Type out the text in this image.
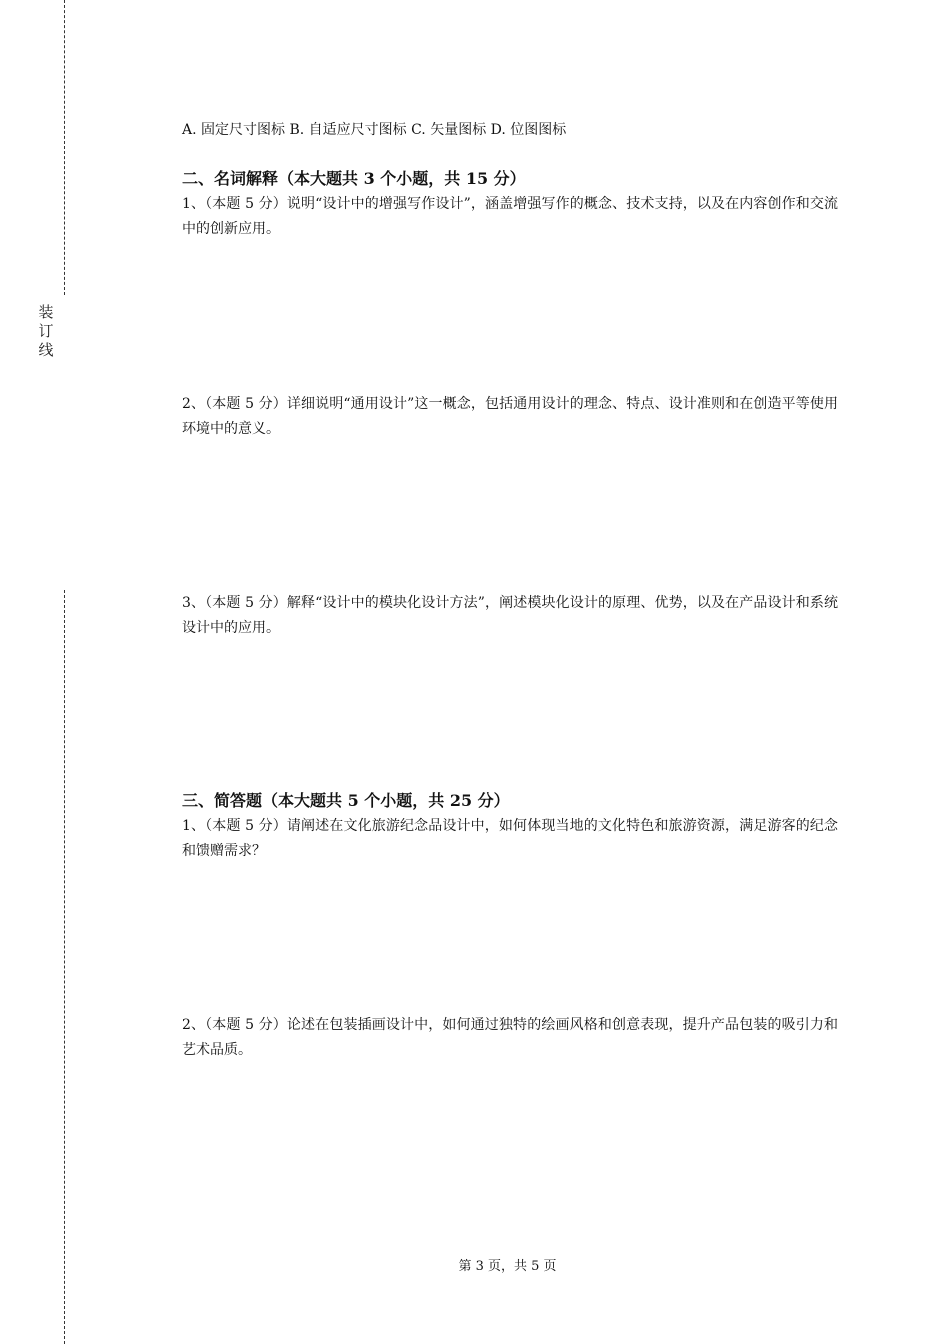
装
订
线
A. 固定尺寸图标 B. 自适应尺寸图标 C. 矢量图标 D. 位图图标
二、名词解释（本大题共 3 个小题，共 15 分）
1、（本题 5 分）说明“设计中的增强写作设计”，涵盖增强写作的概念、技术支持，以及在内容创作和交流中的创新应用。
2、（本题 5 分）详细说明“通用设计”这一概念，包括通用设计的理念、特点、设计准则和在创造平等使用环境中的意义。
3、（本题 5 分）解释“设计中的模块化设计方法”，阐述模块化设计的原理、优势，以及在产品设计和系统设计中的应用。
三、简答题（本大题共 5 个小题，共 25 分）
1、（本题 5 分）请阐述在文化旅游纪念品设计中，如何体现当地的文化特色和旅游资源，满足游客的纪念和馈赠需求？
2、（本题 5 分）论述在包装插画设计中，如何通过独特的绘画风格和创意表现，提升产品包装的吸引力和艺术品质。
第 3 页，共 5 页
